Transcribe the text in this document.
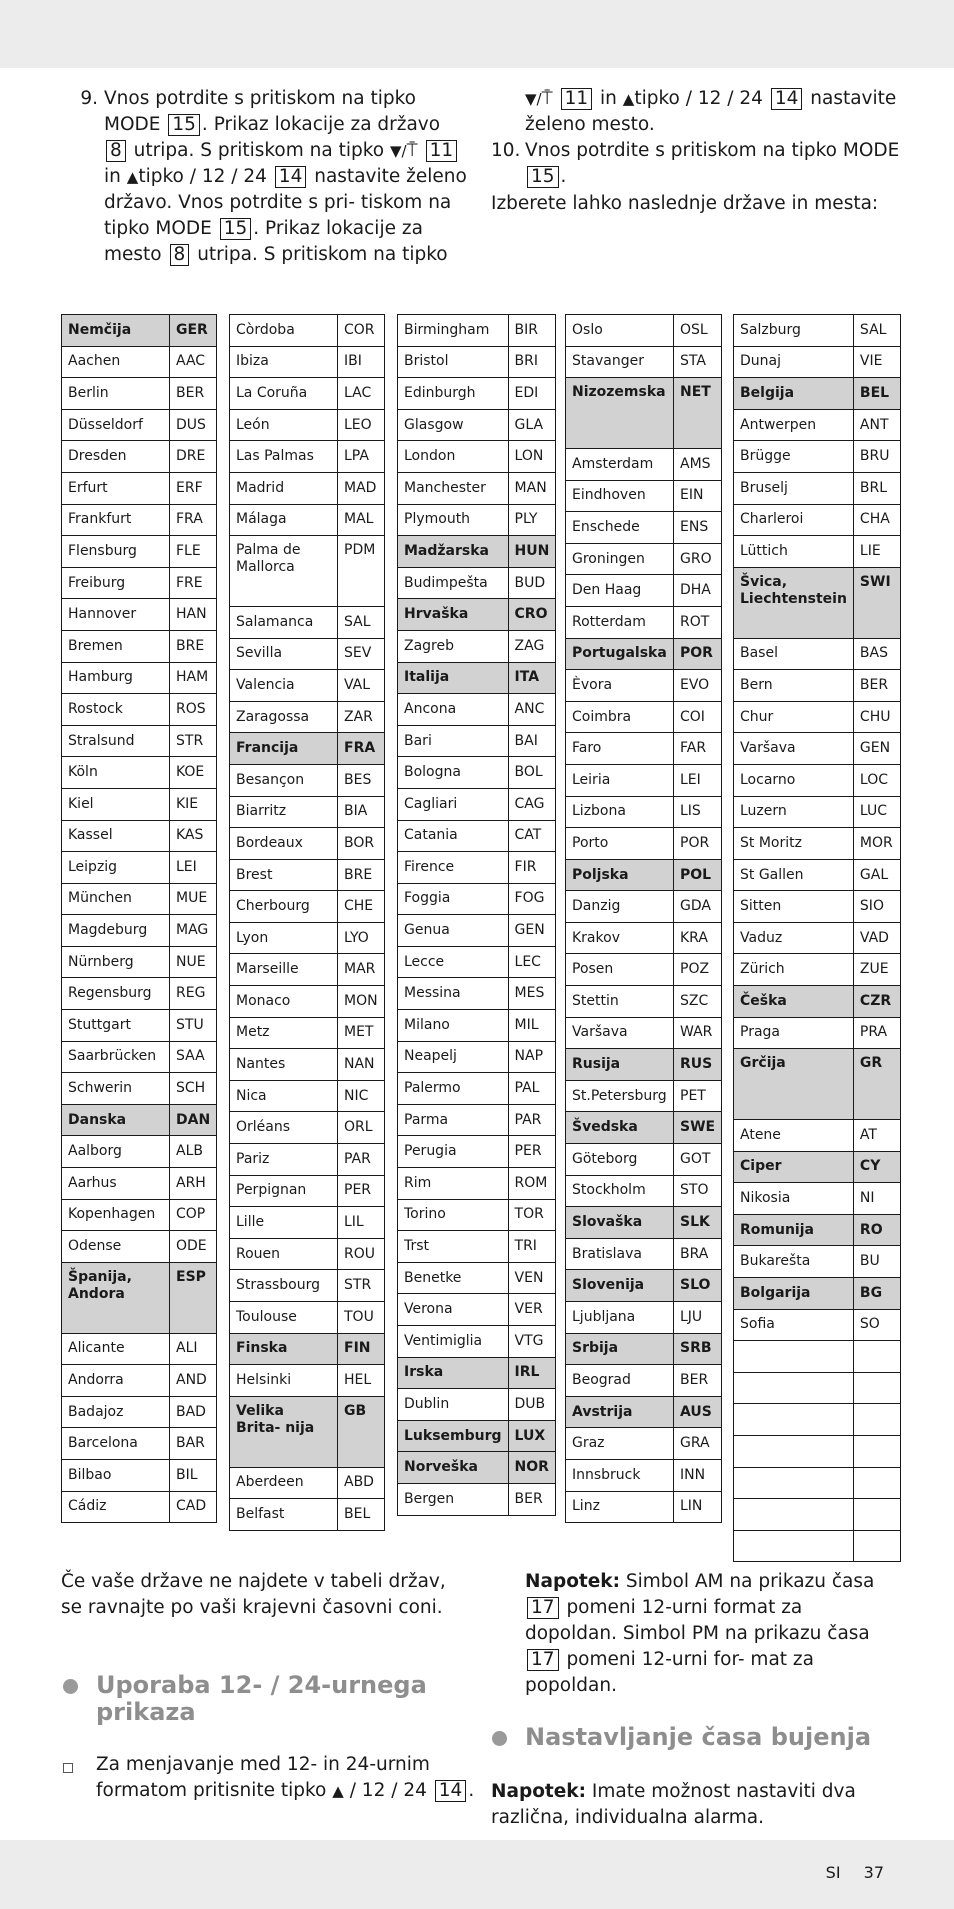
9. Vnos potrdite s pritiskom na tipko MODE 15 . Prikaz lokacije za državo 8 utripa. S pritiskom na tipko ▼/⍑ 11 in ▲tipko / 12 / 24 14 nastavite želeno državo. Vnos potrdite s pri- tiskom na tipko MODE 15 . Prikaz lokacije za mesto 8 utripa. S pritiskom na tipko
▼/⍑ 11 in ▲tipko / 12 / 24 14 nastavite želeno mesto.
10. Vnos potrdite s pritiskom na tipko MODE 15 .
Izberete lahko naslednje države in mesta:
Nemčija	GER
Aachen	AAC
Berlin	BER
Düsseldorf	DUS
Dresden	DRE
Erfurt	ERF
Frankfurt	FRA
Flensburg	FLE
Freiburg	FRE
Hannover	HAN
Bremen	BRE
Hamburg	HAM
Rostock	ROS
Stralsund	STR
Köln	KOE
Kiel	KIE
Kassel	KAS
Leipzig	LEI
München	MUE
Magdeburg	MAG
Nürnberg	NUE
Regensburg	REG
Stuttgart	STU
Saarbrücken	SAA
Schwerin	SCH
Danska	DAN
Aalborg	ALB
Aarhus	ARH
Kopenhagen	COP
Odense	ODE
Španija, Andora	ESP
Alicante	ALI
Andorra	AND
Badajoz	BAD
Barcelona	BAR
Bilbao	BIL
Cádiz	CAD
Còrdoba	COR
Ibiza	IBI
La Coruña	LAC
León	LEO
Las Palmas	LPA
Madrid	MAD
Málaga	MAL
Palma de Mallorca	PDM
Salamanca	SAL
Sevilla	SEV
Valencia	VAL
Zaragossa	ZAR
Francija	FRA
Besançon	BES
Biarritz	BIA
Bordeaux	BOR
Brest	BRE
Cherbourg	CHE
Lyon	LYO
Marseille	MAR
Monaco	MON
Metz	MET
Nantes	NAN
Nica	NIC
Orléans	ORL
Pariz	PAR
Perpignan	PER
Lille	LIL
Rouen	ROU
Strassbourg	STR
Toulouse	TOU
Finska	FIN
Helsinki	HEL
Velika Brita- nija	GB
Aberdeen	ABD
Belfast	BEL
Birmingham	BIR
Bristol	BRI
Edinburgh	EDI
Glasgow	GLA
London	LON
Manchester	MAN
Plymouth	PLY
Madžarska	HUN
Budimpešta	BUD
Hrvaška	CRO
Zagreb	ZAG
Italija	ITA
Ancona	ANC
Bari	BAI
Bologna	BOL
Cagliari	CAG
Catania	CAT
Firence	FIR
Foggia	FOG
Genua	GEN
Lecce	LEC
Messina	MES
Milano	MIL
Neapelj	NAP
Palermo	PAL
Parma	PAR
Perugia	PER
Rim	ROM
Torino	TOR
Trst	TRI
Benetke	VEN
Verona	VER
Ventimiglia	VTG
Irska	IRL
Dublin	DUB
Luksemburg	LUX
Norveška	NOR
Bergen	BER
Oslo	OSL
Stavanger	STA
Nizozemska	NET
Amsterdam	AMS
Eindhoven	EIN
Enschede	ENS
Groningen	GRO
Den Haag	DHA
Rotterdam	ROT
Portugalska	POR
Èvora	EVO
Coimbra	COI
Faro	FAR
Leiria	LEI
Lizbona	LIS
Porto	POR
Poljska	POL
Danzig	GDA
Krakov	KRA
Posen	POZ
Stettin	SZC
Varšava	WAR
Rusija	RUS
St.Petersburg	PET
Švedska	SWE
Göteborg	GOT
Stockholm	STO
Slovaška	SLK
Bratislava	BRA
Slovenija	SLO
Ljubljana	LJU
Srbija	SRB
Beograd	BER
Avstrija	AUS
Graz	GRA
Innsbruck	INN
Linz	LIN
Salzburg	SAL
Dunaj	VIE
Belgija	BEL
Antwerpen	ANT
Brügge	BRU
Bruselj	BRL
Charleroi	CHA
Lüttich	LIE
Švica, Liechtenstein	SWI
Basel	BAS
Bern	BER
Chur	CHU
Varšava	GEN
Locarno	LOC
Luzern	LUC
St Moritz	MOR
St Gallen	GAL
Sitten	SIO
Vaduz	VAD
Zürich	ZUE
Češka	CZR
Praga	PRA
Grčija	GR
Atene	AT
Ciper	CY
Nikosia	NI
Romunija	RO
Bukarešta	BU
Bolgarija	BG
Sofia	SO

Če vaše države ne najdete v tabeli držav, se ravnajte po vaši krajevni časovni coni.
Uporaba 12- / 24-urnega prikaza
Za menjavanje med 12- in 24-urnim formatom pritisnite tipko ▲ / 12 / 24 14 .
Napotek: Simbol AM na prikazu časa 17 pomeni 12-urni format za dopoldan. Simbol PM na prikazu časa 17 pomeni 12-urni for- mat za popoldan.
Nastavljanje časa bujenja
Napotek: Imate možnost nastaviti dva različna, individualna alarma.
SI 37
